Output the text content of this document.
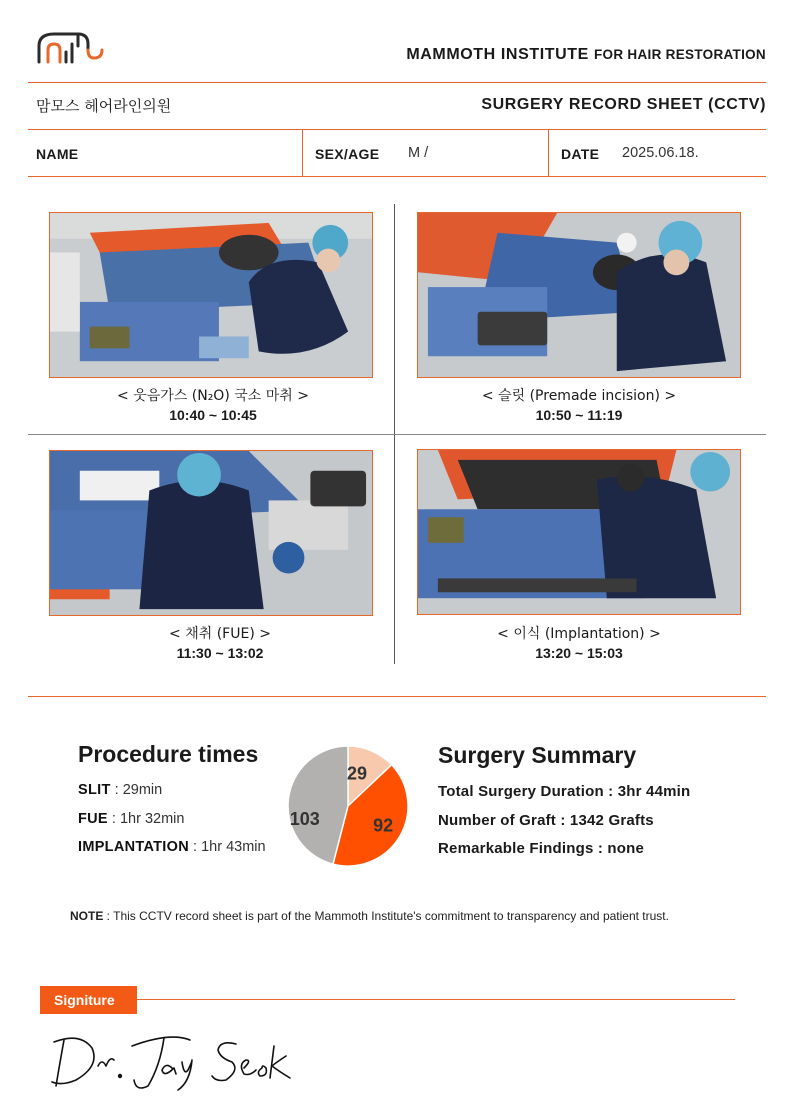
MAMMOTH INSTITUTE FOR HAIR RESTORATION
맘모스 헤어라인의원	SURGERY RECORD SHEET (CCTV)
NAME	SEX/AGE M /	DATE 2025.06.18.
< 웃음가스 (N₂O) 국소 마취 >
10:40 ~ 10:45
< 슬릿 (Premade incision) >
10:50 ~ 11:19
< 채취 (FUE) >
11:30 ~ 13:02
< 이식 (Implantation) >
13:20 ~ 15:03
Procedure times
SLIT : 29min
FUE : 1hr 32min
IMPLANTATION : 1hr 43min
29
92
103
Surgery Summary
Total Surgery Duration : 3hr 44min
Number of Graft : 1342 Grafts
Remarkable Findings : none
NOTE : This CCTV record sheet is part of the Mammoth Institute's commitment to transparency and patient trust.
Signiture
